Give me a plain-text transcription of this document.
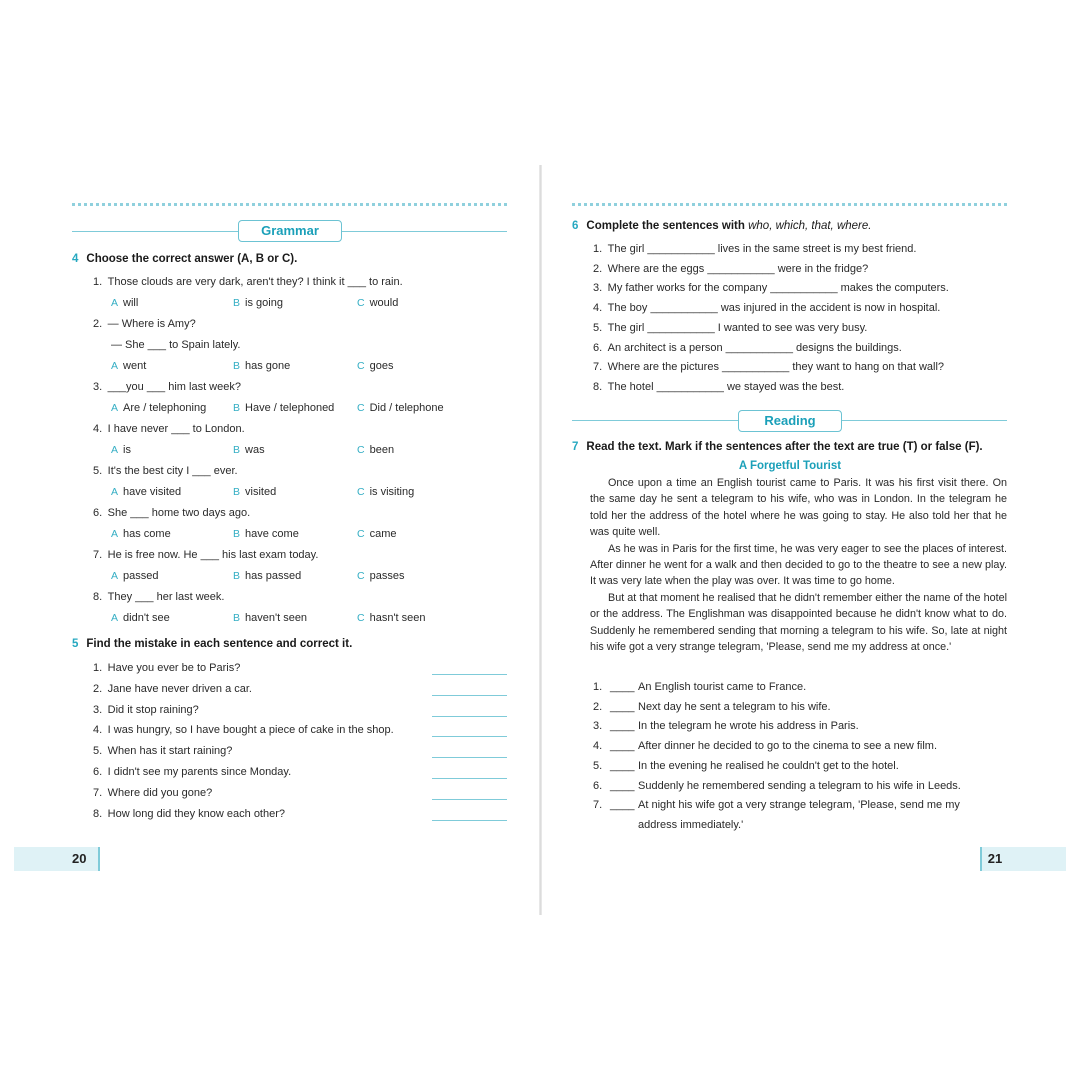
Grammar
4 Choose the correct answer (A, B or C).
1. Those clouds are very dark, aren't they? I think it ___ to rain.
A will	B is going	C would
2. — Where is Amy?
— She ___ to Spain lately.
A went	B has gone	C goes
3. ___you ___ him last week?
A Are / telephoning	B Have / telephoned C Did / telephone
4. I have never ___ to London.
A is	B was	C been
5. It's the best city I ___ ever.
A have visited	B visited	C is visiting
6. She ___ home two days ago.
A has come	B have come	C came
7. He is free now. He ___ his last exam today.
A passed	B has passed	C passes
8. They ___ her last week.
A didn't see	B haven't seen	C hasn't seen
5 Find the mistake in each sentence and correct it.
1. Have you ever be to Paris?
2. Jane have never driven a car.
3. Did it stop raining?
4. I was hungry, so I have bought a piece of cake in the shop.
5. When has it start raining?
6. I didn't see my parents since Monday.
7. Where did you gone?
8. How long did they know each other?
20
6 Complete the sentences with who, which, that, where.
1. The girl ___________ lives in the same street is my best friend.
2. Where are the eggs ___________ were in the fridge?
3. My father works for the company ___________ makes the computers.
4. The boy ___________ was injured in the accident is now in hospital.
5. The girl ___________ I wanted to see was very busy.
6. An architect is a person ___________ designs the buildings.
7. Where are the pictures ___________ they want to hang on that wall?
8. The hotel ___________ we stayed was the best.
Reading
7 Read the text. Mark if the sentences after the text are true (T) or false (F).
A Forgetful Tourist

Once upon a time an English tourist came to Paris. It was his first visit there. On the same day he sent a telegram to his wife, who was in London. In the telegram he told her the address of the hotel where he was going to stay. He also told her that he was quite well.

As he was in Paris for the first time, he was very eager to see the places of interest. After dinner he went for a walk and then decided to go to the theatre to see a new play. It was very late when the play was over. It was time to go home.

But at that moment he realised that he didn't remember either the name of the hotel or the address. The Englishman was disappointed because he didn't know what to do. Suddenly he remembered sending that morning a telegram to his wife. So, late at night his wife got a very strange telegram, 'Please, send me my address at once.'

1. ____ An English tourist came to France.
2. ____ Next day he sent a telegram to his wife.
3. ____ In the telegram he wrote his address in Paris.
4. ____ After dinner he decided to go to the cinema to see a new film.
5. ____ In the evening he realised he couldn't get to the hotel.
6. ____ Suddenly he remembered sending a telegram to his wife in Leeds.
7. ____ At night his wife got a very strange telegram, 'Please, send me my
address immediately.'
21
